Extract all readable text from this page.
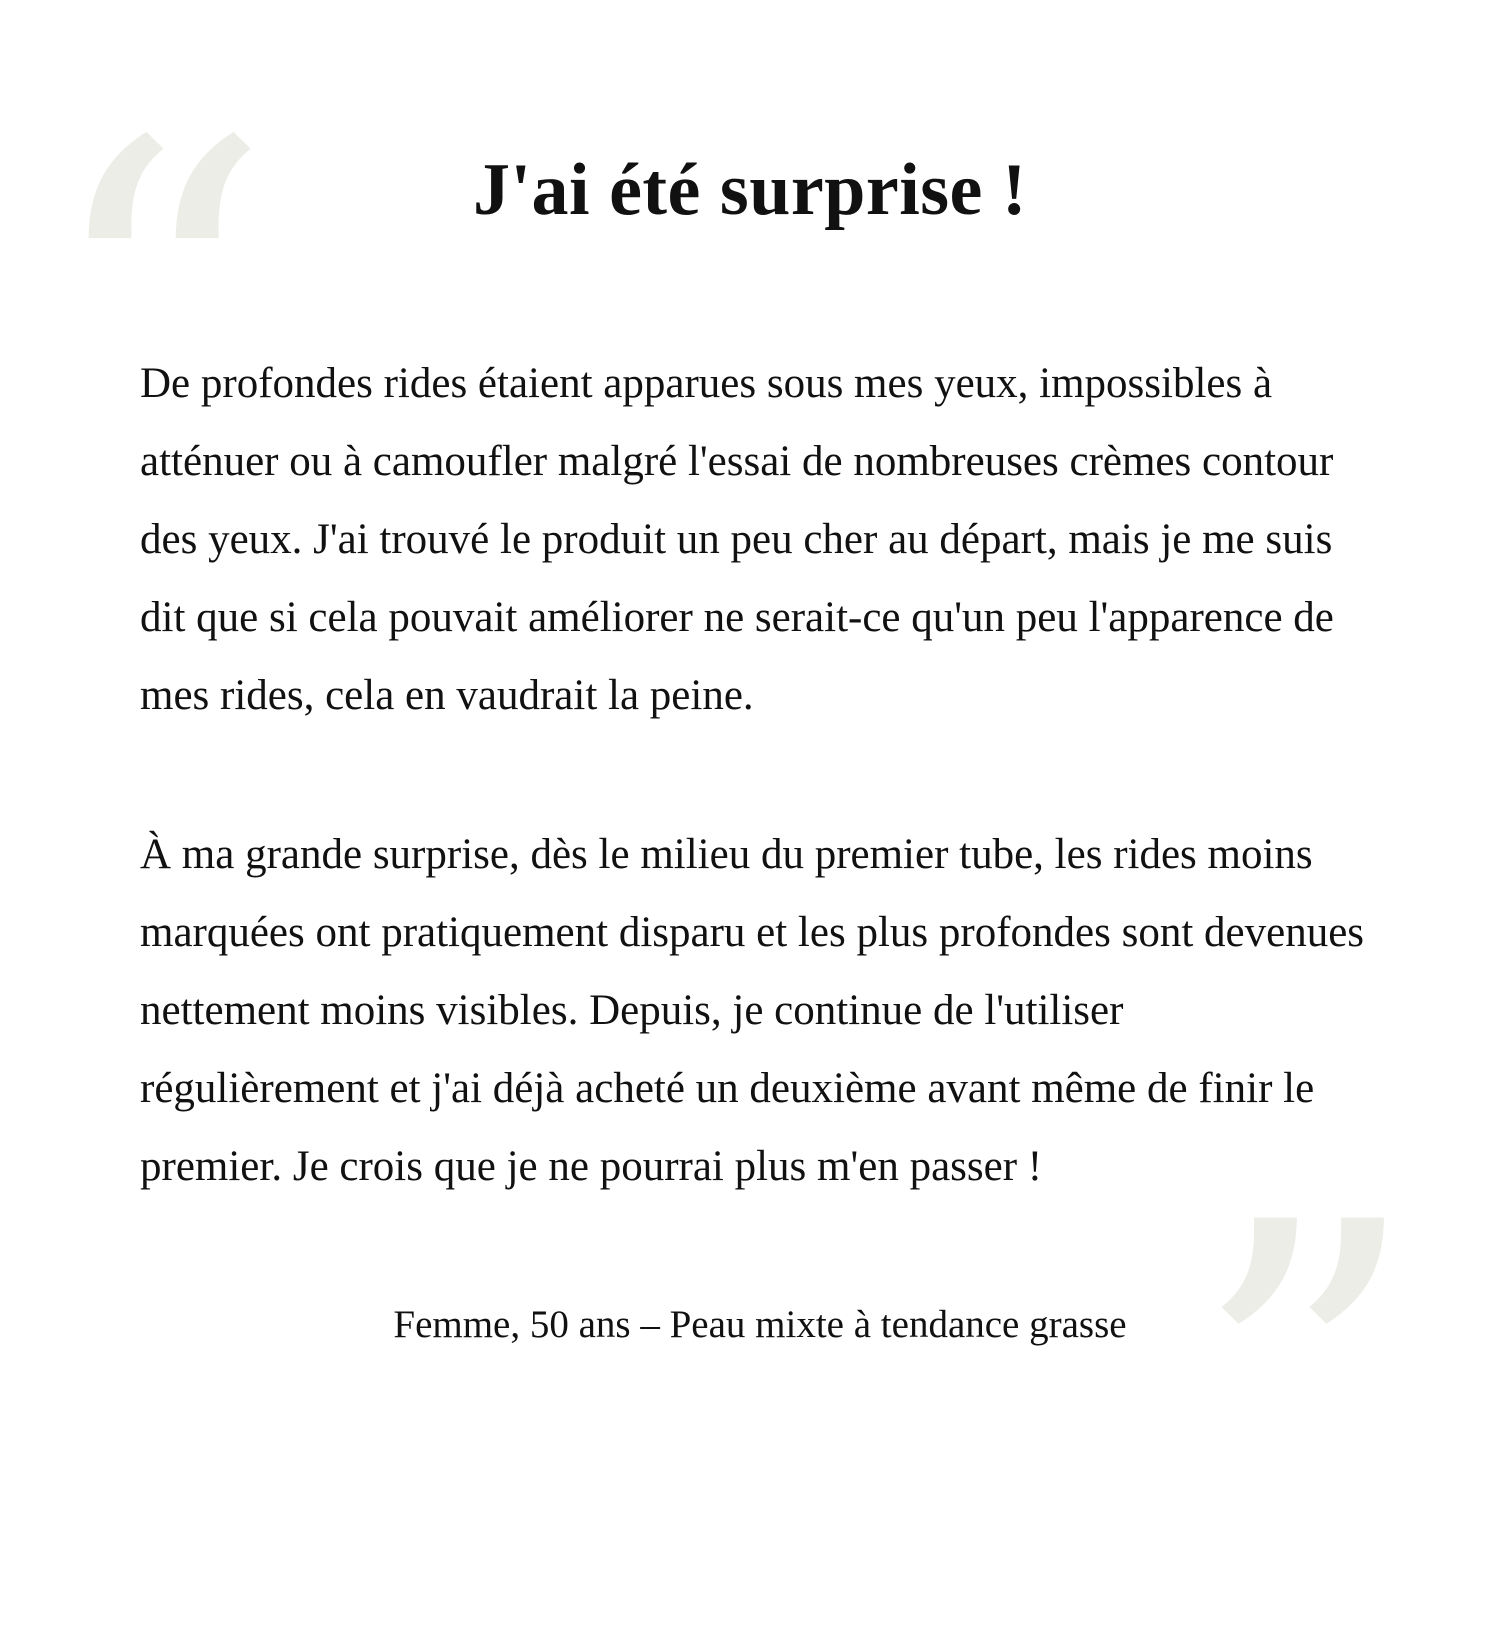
“
”
J'ai été surprise !

De profondes rides étaient apparues sous mes yeux, impossibles à atténuer ou à camoufler malgré l'essai de nombreuses crèmes contour des yeux. J'ai trouvé le produit un peu cher au départ, mais je me suis dit que si cela pouvait améliorer ne serait-ce qu'un peu l'apparence de mes rides, cela en vaudrait la peine.

À ma grande surprise, dès le milieu du premier tube, les rides moins marquées ont pratiquement disparu et les plus profondes sont devenues nettement moins visibles. Depuis, je continue de l'utiliser régulièrement et j'ai déjà acheté un deuxième avant même de finir le premier. Je crois que je ne pourrai plus m'en passer !

Femme, 50 ans – Peau mixte à tendance grasse
